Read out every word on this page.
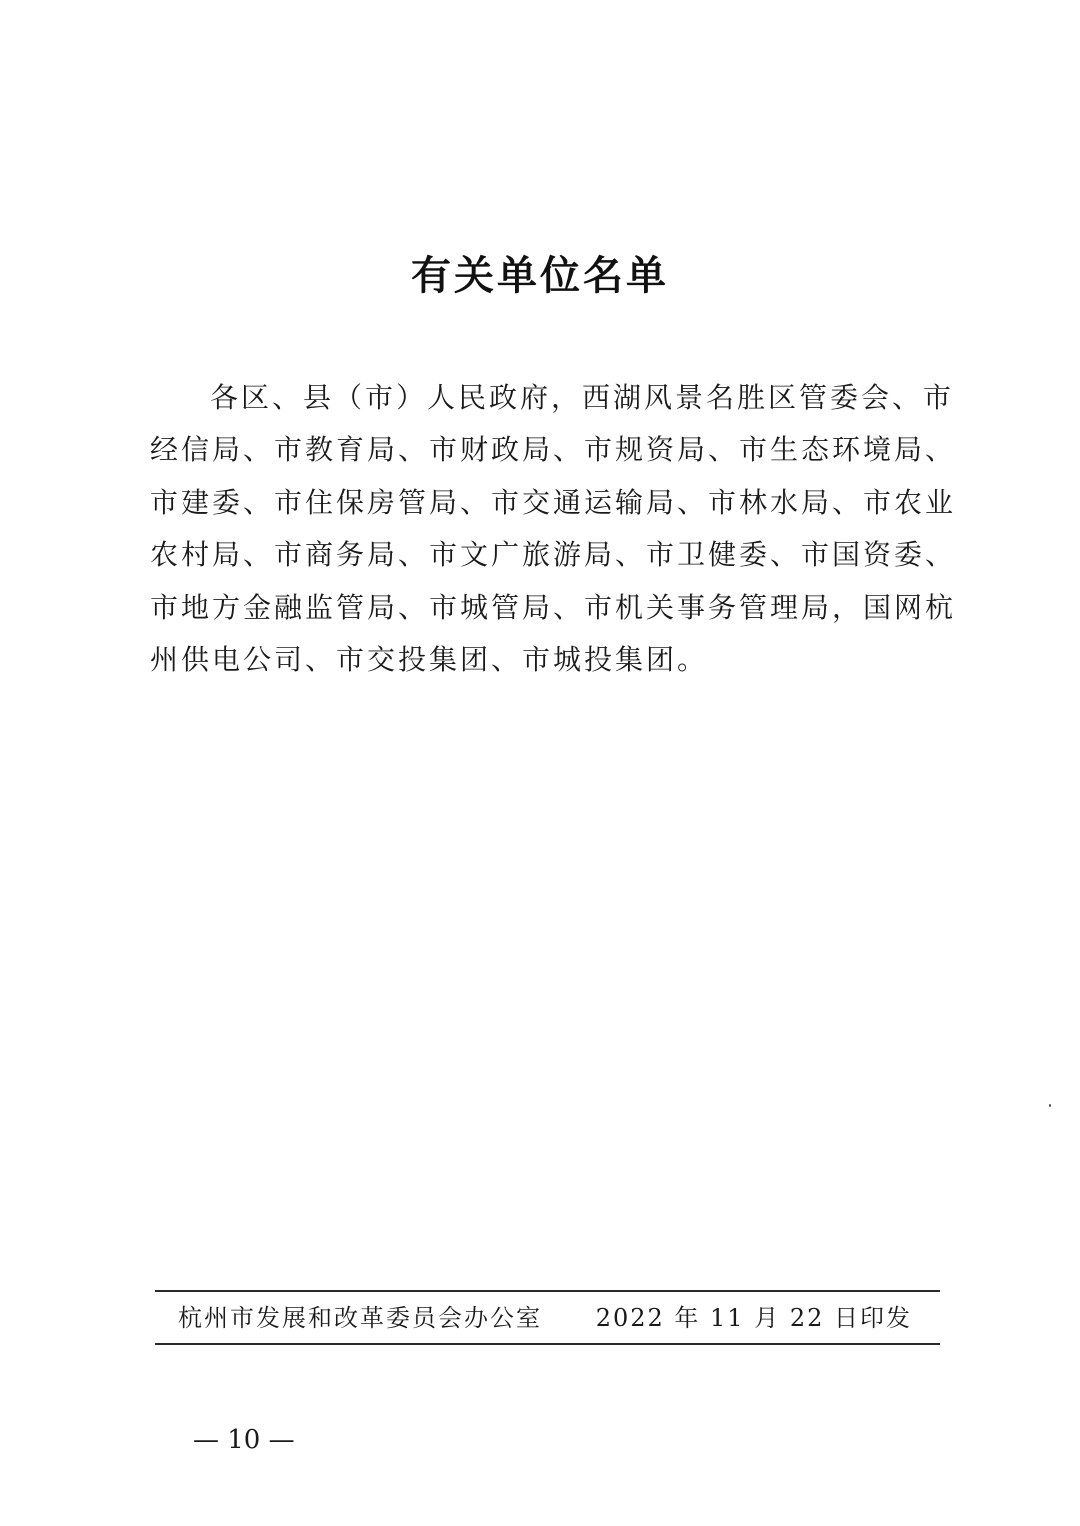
有关单位名单
各区、县（市）人民政府，西湖风景名胜区管委会、市
经信局、市教育局、市财政局、市规资局、市生态环境局、
市建委、市住保房管局、市交通运输局、市林水局、市农业
农村局、市商务局、市文广旅游局、市卫健委、市国资委、
市地方金融监管局、市城管局、市机关事务管理局，国网杭
州供电公司、市交投集团、市城投集团。
杭州市发展和改革委员会办公室 2022 年 11 月 22 日印发
— 10 —
